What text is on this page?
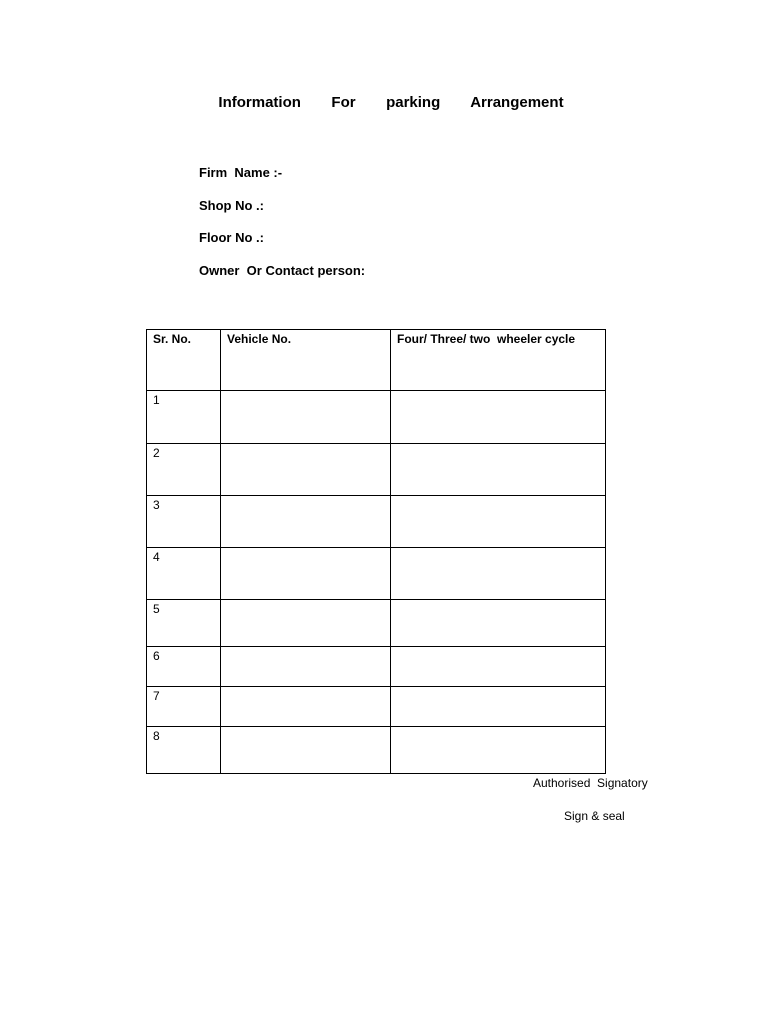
Information   For   parking   Arrangement
Firm  Name :-
Shop No .:
Floor No .:
Owner  Or Contact person:
Sr. No.	Vehicle No.	Four/ Three/ two  wheeler cycle
1		
2		
3		
4		
5		
6		
7		
8		
Authorised  Signatory
Sign & seal
